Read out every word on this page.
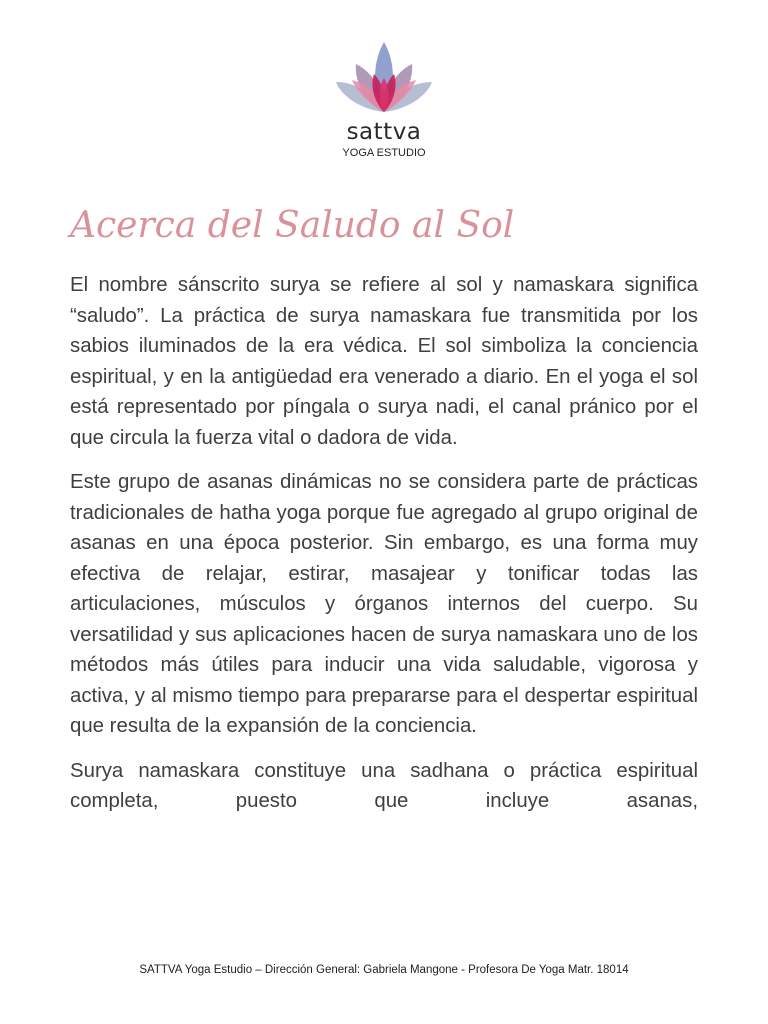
sattva
YOGA ESTUDIO
Acerca del Saludo al Sol

El nombre sánscrito surya se refiere al sol y namaskara significa “saludo”. La práctica de surya namaskara fue transmitida por los sabios iluminados de la era védica. El sol simboliza la conciencia espiritual, y en la antigüedad era venerado a diario. En el yoga el sol está representado por píngala o surya nadi, el canal pránico por el que circula la fuerza vital o dadora de vida.

Este grupo de asanas dinámicas no se considera parte de prácticas tradicionales de hatha yoga porque fue agregado al grupo original de asanas en una época posterior. Sin embargo, es una forma muy efectiva de relajar, estirar, masajear y tonificar todas las articulaciones, músculos y órganos internos del cuerpo. Su versatilidad y sus aplicaciones hacen de surya namaskara uno de los métodos más útiles para inducir una vida saludable, vigorosa y activa, y al mismo tiempo para prepararse para el despertar espiritual que resulta de la expansión de la conciencia.

Surya namaskara constituye una sadhana o práctica espiritual completa, puesto que incluye asanas,

SATTVA Yoga Estudio – Dirección General: Gabriela Mangone - Profesora De Yoga Matr. 18014
